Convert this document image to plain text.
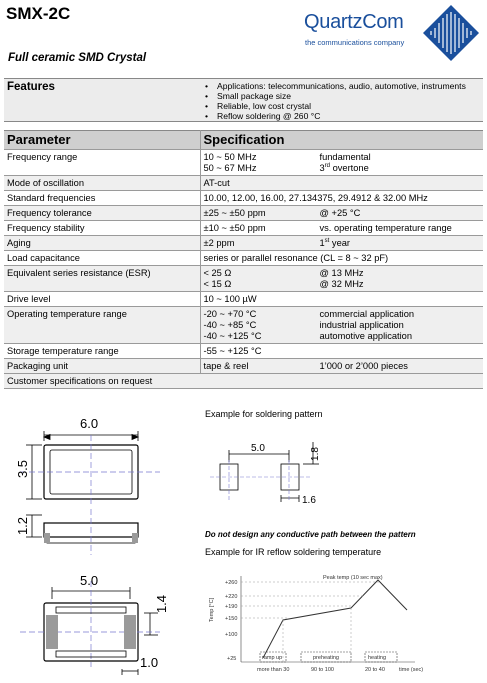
SMX-2C
Full ceramic SMD Crystal
QuartzCom
the communications company
Features	• Applications: telecommunications, audio, automotive, instruments
• Small package size
• Reliable, low cost crystal
• Reflow soldering @ 260 °C
Parameter	Specification
Frequency range	10 ~ 50 MHz fundamental
50 ~ 67 MHz 3rd overtone

Mode of oscillation	AT-cut

Standard frequencies	10.00, 12.00, 16.00, 27.134375, 29.4912 & 32.00 MHz

Frequency tolerance	±25 ~ ±50 ppm @ +25 °C

Frequency stability	±10 ~ ±50 ppm vs. operating temperature range

Aging	±2 ppm 1st year

Load capacitance	series or parallel resonance (CL = 8 ~ 32 pF)

Equivalent series resistance (ESR)	< 25 Ω @ 13 MHz
< 15 Ω @ 32 MHz

Drive level	10 ~ 100 µW

Operating temperature range	-20 ~ +70 °C commercial application
-40 ~ +85 °C industrial application
-40 ~ +125 °C automotive application

Storage temperature range	-55 ~ +125 °C

Packaging unit	tape & reel 1’000 or 2’000 pieces

Customer specifications on request	
6.0
3.5
1.2
5.0
1.4
1.0
Example for soldering pattern
5.0	1.8
1.6
Do not design any conductive path between the pattern
Example for IR reflow soldering temperature
Temp [°C]
Peak temp (10 sec max)
+260
+220
+190
+150
+100
+25	ramp up	preheating	heating
more than 30	90 to 100	20 to 40	time (sec)
